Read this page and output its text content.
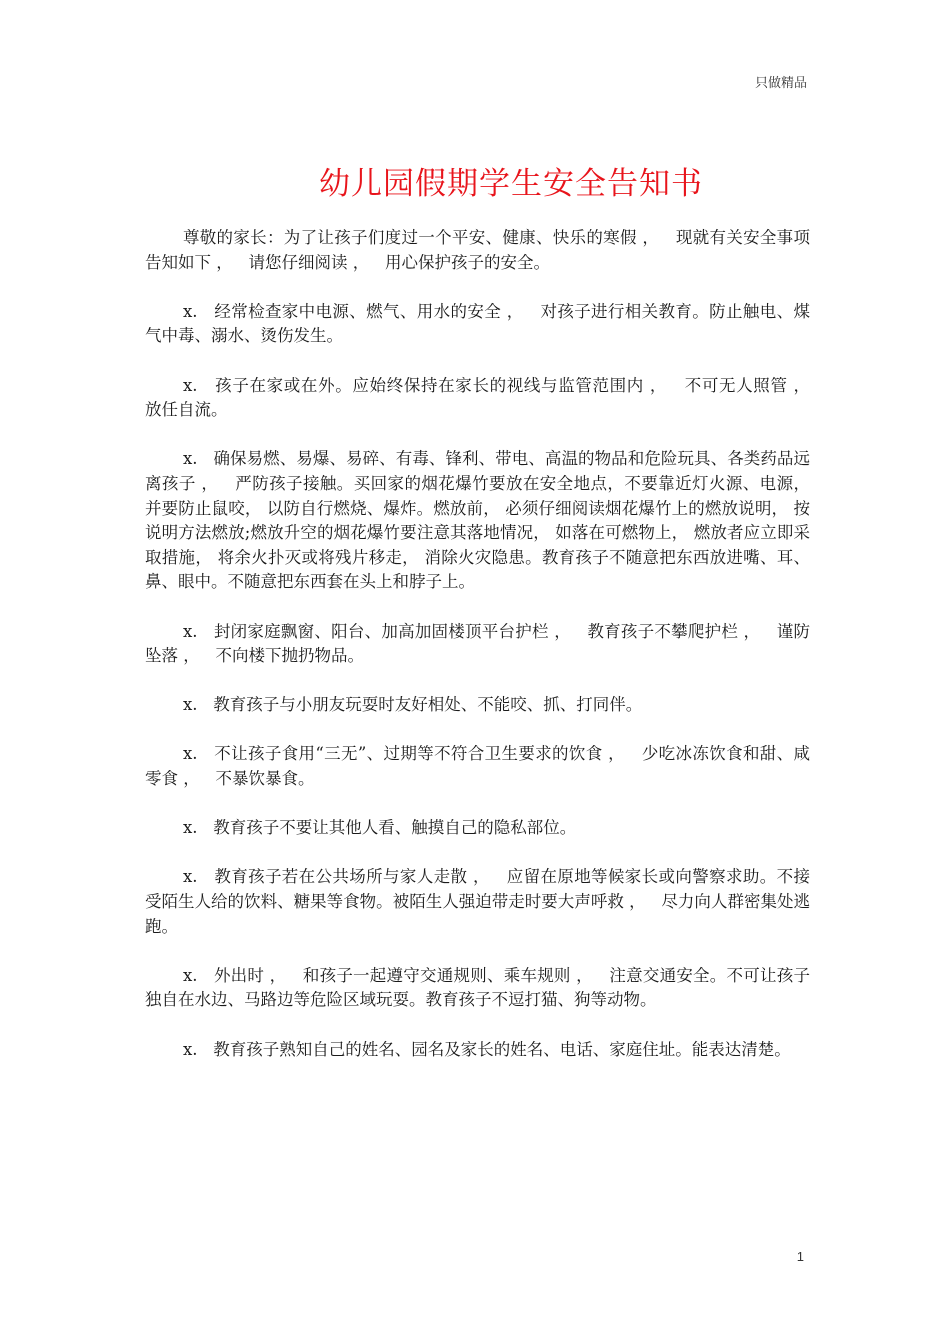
只做精品
幼儿园假期学生安全告知书

尊敬的家长：为了让孩子们度过一个平安、健康、快乐的寒假 ，   现就有关安全事项告知如下 ，   请您仔细阅读 ，   用心保护孩子的安全。

x.   经常检查家中电源、燃气、用水的安全 ，   对孩子进行相关教育。防止触电、煤气中毒、溺水、烫伤发生。

x.   孩子在家或在外。应始终保持在家长的视线与监管范围内 ，   不可无人照管 ，   放任自流。

x.   确保易燃、易爆、易碎、有毒、锋利、带电、高温的物品和危险玩具、各类药品远离孩子 ，   严防孩子接触。买回家的烟花爆竹要放在安全地点，不要靠近灯火源、电源， 并要防止鼠咬， 以防自行燃烧、爆炸。燃放前， 必须仔细阅读烟花爆竹上的燃放说明， 按说明方法燃放;燃放升空的烟花爆竹要注意其落地情况， 如落在可燃物上， 燃放者应立即采取措施， 将余火扑灭或将残片移走， 消除火灾隐患。教育孩子不随意把东西放进嘴、耳、鼻、眼中。不随意把东西套在头上和脖子上。

x.   封闭家庭飘窗、阳台、加高加固楼顶平台护栏 ，   教育孩子不攀爬护栏 ，   谨防坠落 ，   不向楼下抛扔物品。

x.   教育孩子与小朋友玩耍时友好相处、不能咬、抓、打同伴。

x.   不让孩子食用“三无”、过期等不符合卫生要求的饮食 ，   少吃冰冻饮食和甜、咸零食 ，   不暴饮暴食。

x.   教育孩子不要让其他人看、触摸自己的隐私部位。

x.   教育孩子若在公共场所与家人走散 ，   应留在原地等候家长或向警察求助。不接受陌生人给的饮料、糖果等食物。被陌生人强迫带走时要大声呼救 ，   尽力向人群密集处逃跑。

x.   外出时 ，   和孩子一起遵守交通规则、乘车规则 ，   注意交通安全。不可让孩子独自在水边、马路边等危险区域玩耍。教育孩子不逗打猫、狗等动物。

x.   教育孩子熟知自己的姓名、园名及家长的姓名、电话、家庭住址。能表达清楚。

1
